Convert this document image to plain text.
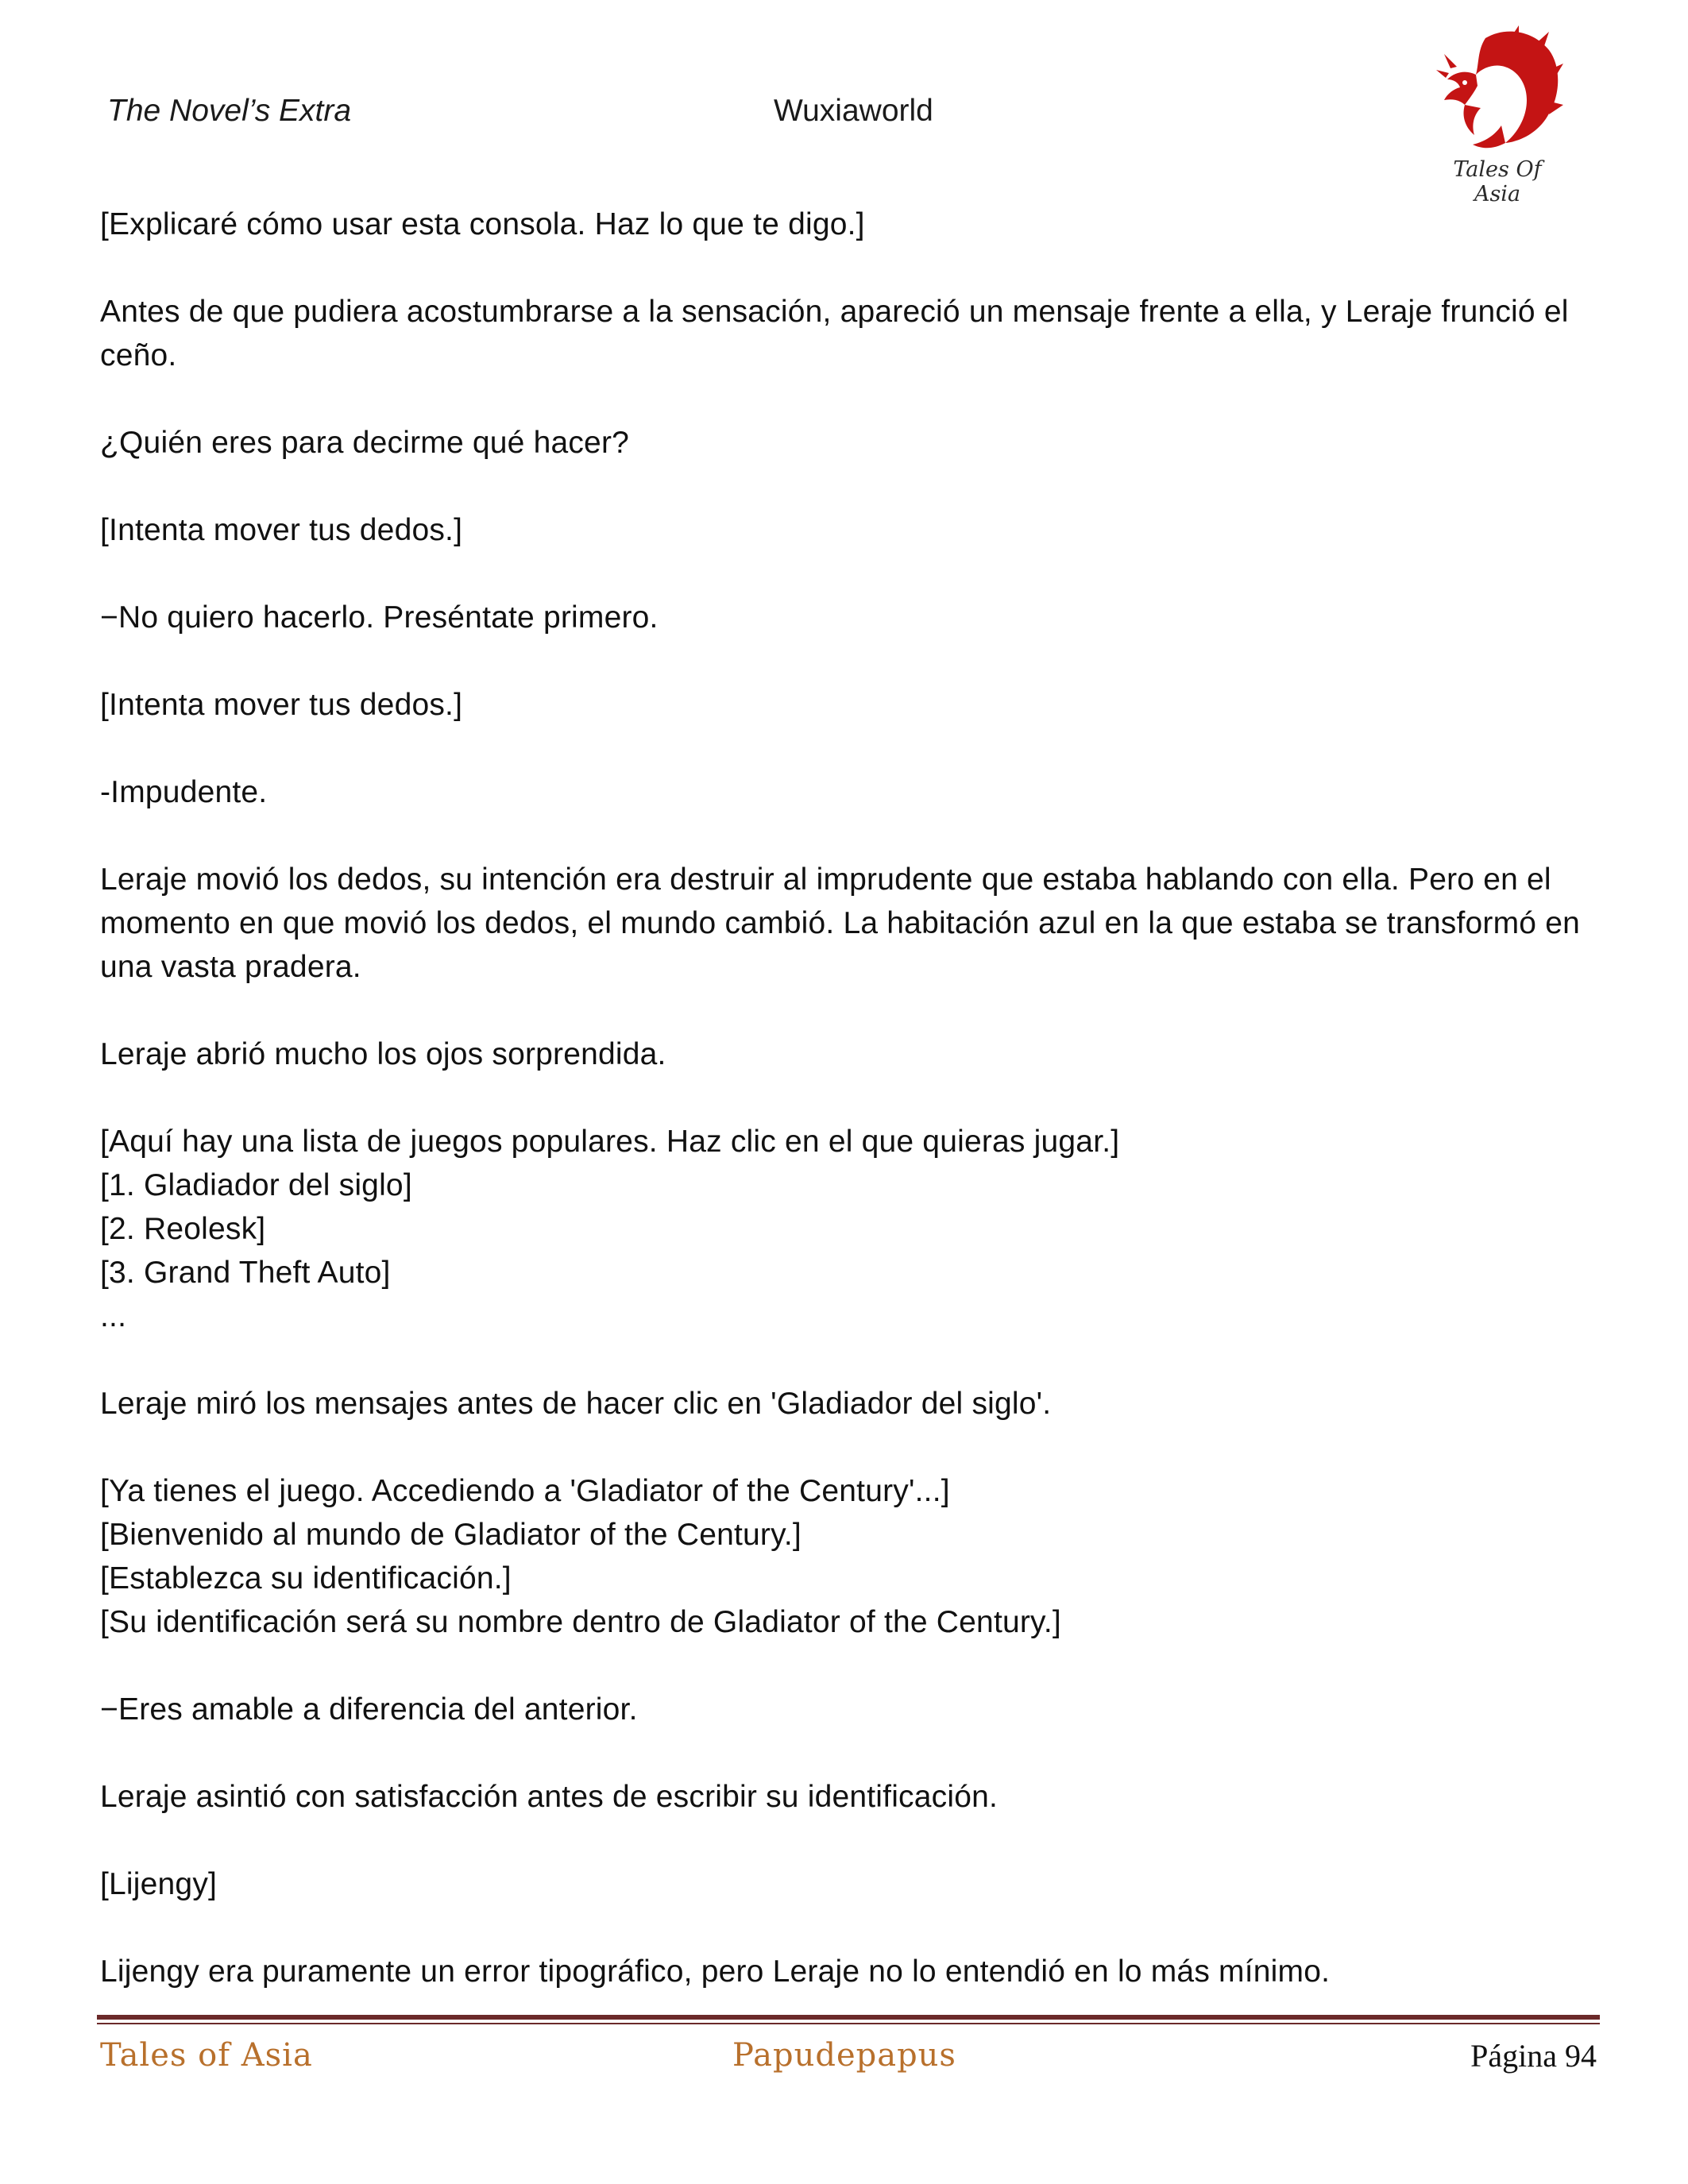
The Novel’s Extra	Wuxiaworld
Tales Of Asia

[Explicaré cómo usar esta consola. Haz lo que te digo.]

Antes de que pudiera acostumbrarse a la sensación, apareció un mensaje frente a ella, y Leraje frunció el ceño.

¿Quién eres para decirme qué hacer?

[Intenta mover tus dedos.]

−No quiero hacerlo. Preséntate primero.

[Intenta mover tus dedos.]

-Impudente.

Leraje movió los dedos, su intención era destruir al imprudente que estaba hablando con ella. Pero en el momento en que movió los dedos, el mundo cambió. La habitación azul en la que estaba se transformó en una vasta pradera.

Leraje abrió mucho los ojos sorprendida.

[Aquí hay una lista de juegos populares. Haz clic en el que quieras jugar.]

[1. Gladiador del siglo]

[2. Reolesk]

[3. Grand Theft Auto]

...

Leraje miró los mensajes antes de hacer clic en 'Gladiador del siglo'.

[Ya tienes el juego. Accediendo a 'Gladiator of the Century'...]

[Bienvenido al mundo de Gladiator of the Century.]

[Establezca su identificación.]

[Su identificación será su nombre dentro de Gladiator of the Century.]

−Eres amable a diferencia del anterior.

Leraje asintió con satisfacción antes de escribir su identificación.

[Lijengy]

Lijengy era puramente un error tipográfico, pero Leraje no lo entendió en lo más mínimo.

Tales of Asia	Papudepapus	Página 94
